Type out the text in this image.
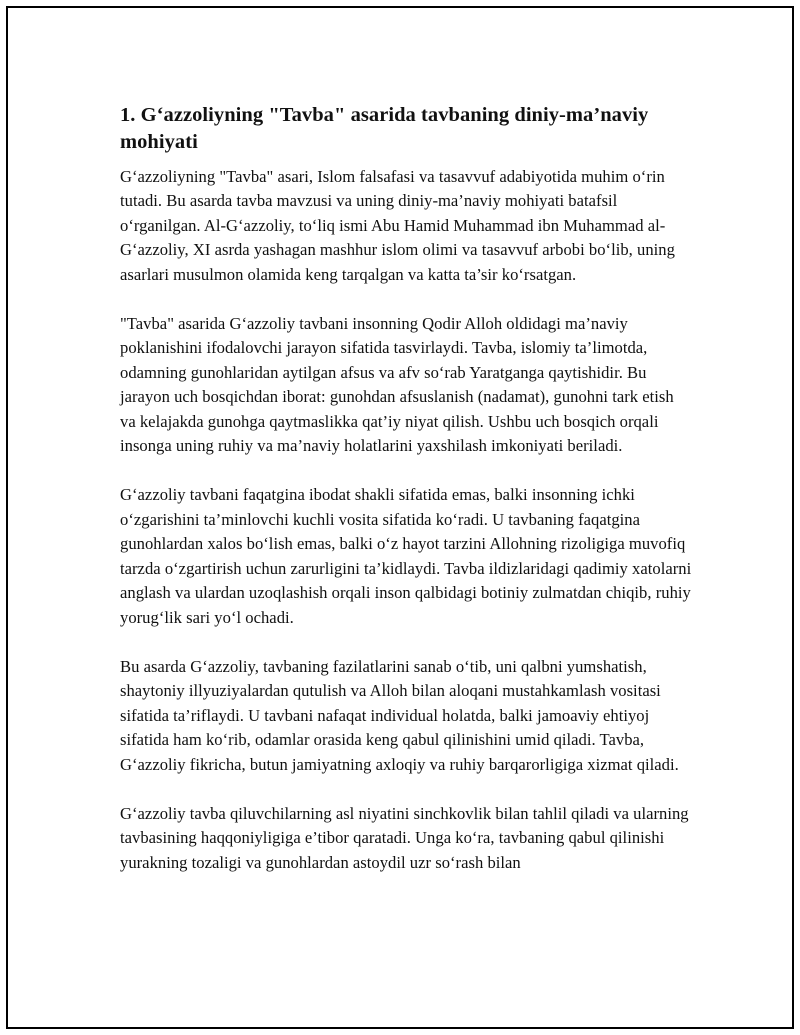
1. G‘azzoliyning "Tavba" asarida tavbaning diniy-ma’naviy mohiyati

G‘azzoliyning "Tavba" asari, Islom falsafasi va tasavvuf adabiyotida muhim o‘rin tutadi. Bu asarda tavba mavzusi va uning diniy-ma’naviy mohiyati batafsil o‘rganilgan. Al-G‘azzoliy, to‘liq ismi Abu Hamid Muhammad ibn Muhammad al-G‘azzoliy, XI asrda yashagan mashhur islom olimi va tasavvuf arbobi bo‘lib, uning asarlari musulmon olamida keng tarqalgan va katta ta’sir ko‘rsatgan.

"Tavba" asarida G‘azzoliy tavbani insonning Qodir Alloh oldidagi ma’naviy poklanishini ifodalovchi jarayon sifatida tasvirlaydi. Tavba, islomiy ta’limotda, odamning gunohlaridan aytilgan afsus va afv so‘rab Yaratganga qaytishidir. Bu jarayon uch bosqichdan iborat: gunohdan afsuslanish (nadamat), gunohni tark etish va kelajakda gunohga qaytmaslikka qat’iy niyat qilish. Ushbu uch bosqich orqali insonga uning ruhiy va ma’naviy holatlarini yaxshilash imkoniyati beriladi.

G‘azzoliy tavbani faqatgina ibodat shakli sifatida emas, balki insonning ichki o‘zgarishini ta’minlovchi kuchli vosita sifatida ko‘radi. U tavbaning faqatgina gunohlardan xalos bo‘lish emas, balki o‘z hayot tarzini Allohning rizoligiga muvofiq tarzda o‘zgartirish uchun zarurligini ta’kidlaydi. Tavba ildizlaridagi qadimiy xatolarni anglash va ulardan uzoqlashish orqali inson qalbidagi botiniy zulmatdan chiqib, ruhiy yorug‘lik sari yo‘l ochadi.

Bu asarda G‘azzoliy, tavbaning fazilatlarini sanab o‘tib, uni qalbni yumshatish, shaytoniy illyuziyalardan qutulish va Alloh bilan aloqani mustahkamlash vositasi sifatida ta’riflaydi. U tavbani nafaqat individual holatda, balki jamoaviy ehtiyoj sifatida ham ko‘rib, odamlar orasida keng qabul qilinishini umid qiladi. Tavba, G‘azzoliy fikricha, butun jamiyatning axloqiy va ruhiy barqarorligiga xizmat qiladi.

G‘azzoliy tavba qiluvchilarning asl niyatini sinchkovlik bilan tahlil qiladi va ularning tavbasining haqqoniyligiga e’tibor qaratadi. Unga ko‘ra, tavbaning qabul qilinishi yurakning tozaligi va gunohlardan astoydil uzr so‘rash bilan
